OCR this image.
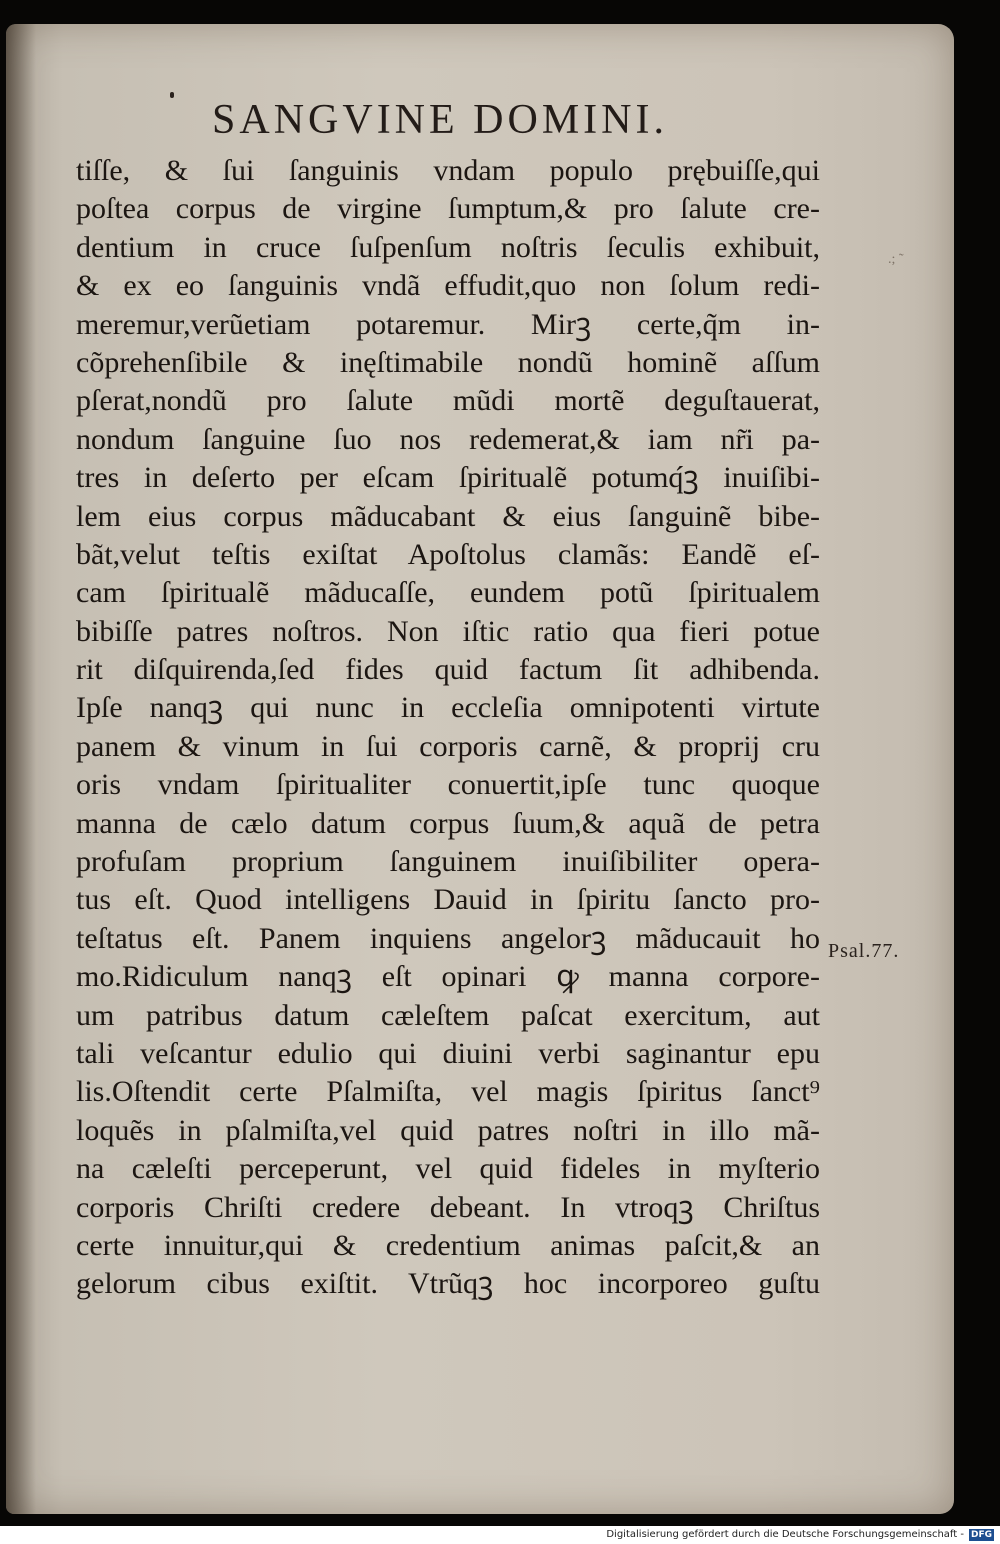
SANGVINE DOMINI.
tiſſe, & ſui ſanguinis vndam populo prębuiſſe,qui
poſtea corpus de virgine ſumptum,& pro ſalute cre-
dentium in cruce ſuſpenſum noſtris ſeculis exhibuit,
& ex eo ſanguinis vndã effudit,quo non ſolum redi-
meremur,verũetiam potaremur. Mirꝫ certe,q̃m in-
cõprehenſibile & inęſtimabile nondũ hominẽ aſſum
pſerat,nondũ pro ſalute mũdi mortẽ deguſtauerat,
nondum ſanguine ſuo nos redemerat,& iam nr̃i pa-
tres in deſerto per eſcam ſpiritualẽ potumq́ꝫ inuiſibi-
lem eius corpus mãducabant & eius ſanguinẽ bibe-
bãt,velut teſtis exiſtat Apoſtolus clamãs: Eandẽ eſ-
cam ſpiritualẽ mãducaſſe, eundem potũ ſpiritualem
bibiſſe patres noſtros. Non iſtic ratio qua fieri potue
rit diſquirenda,ſed fides quid factum ſit adhibenda.
Ipſe nanqꝫ qui nunc in eccleſia omnipotenti virtute
panem & vinum in ſui corporis carnẽ, & proprij cru
oris vndam ſpiritualiter conuertit,ipſe tunc quoque
manna de cælo datum corpus ſuum,& aquã de petra
profuſam proprium ſanguinem inuiſibiliter opera-
tus eſt. Quod intelligens Dauid in ſpiritu ſancto pro-
teſtatus eſt. Panem inquiens angelorꝫ mãducauit ho
mo.Ridiculum nanqꝫ eſt opinari ꝙ manna corpore-
um patribus datum cæleſtem paſcat exercitum, aut
tali veſcantur edulio qui diuini verbi saginantur epu
lis.Oſtendit certe Pſalmiſta, vel magis ſpiritus ſanct⁹
loquẽs in pſalmiſta,vel quid patres noſtri in illo mã-
na cæleſti perceperunt, vel quid fideles in myſterio
corporis Chriſti credere debeant. In vtroqꝫ Chriſtus
certe innuitur,qui & credentium animas paſcit,& an
gelorum cibus exiſtit. Vtrũqꝫ hoc incorporeo guſtu
.; ̃
Psal.77.
Digitalisierung gefördert durch die Deutsche Forschungsgemeinschaft - DFG
